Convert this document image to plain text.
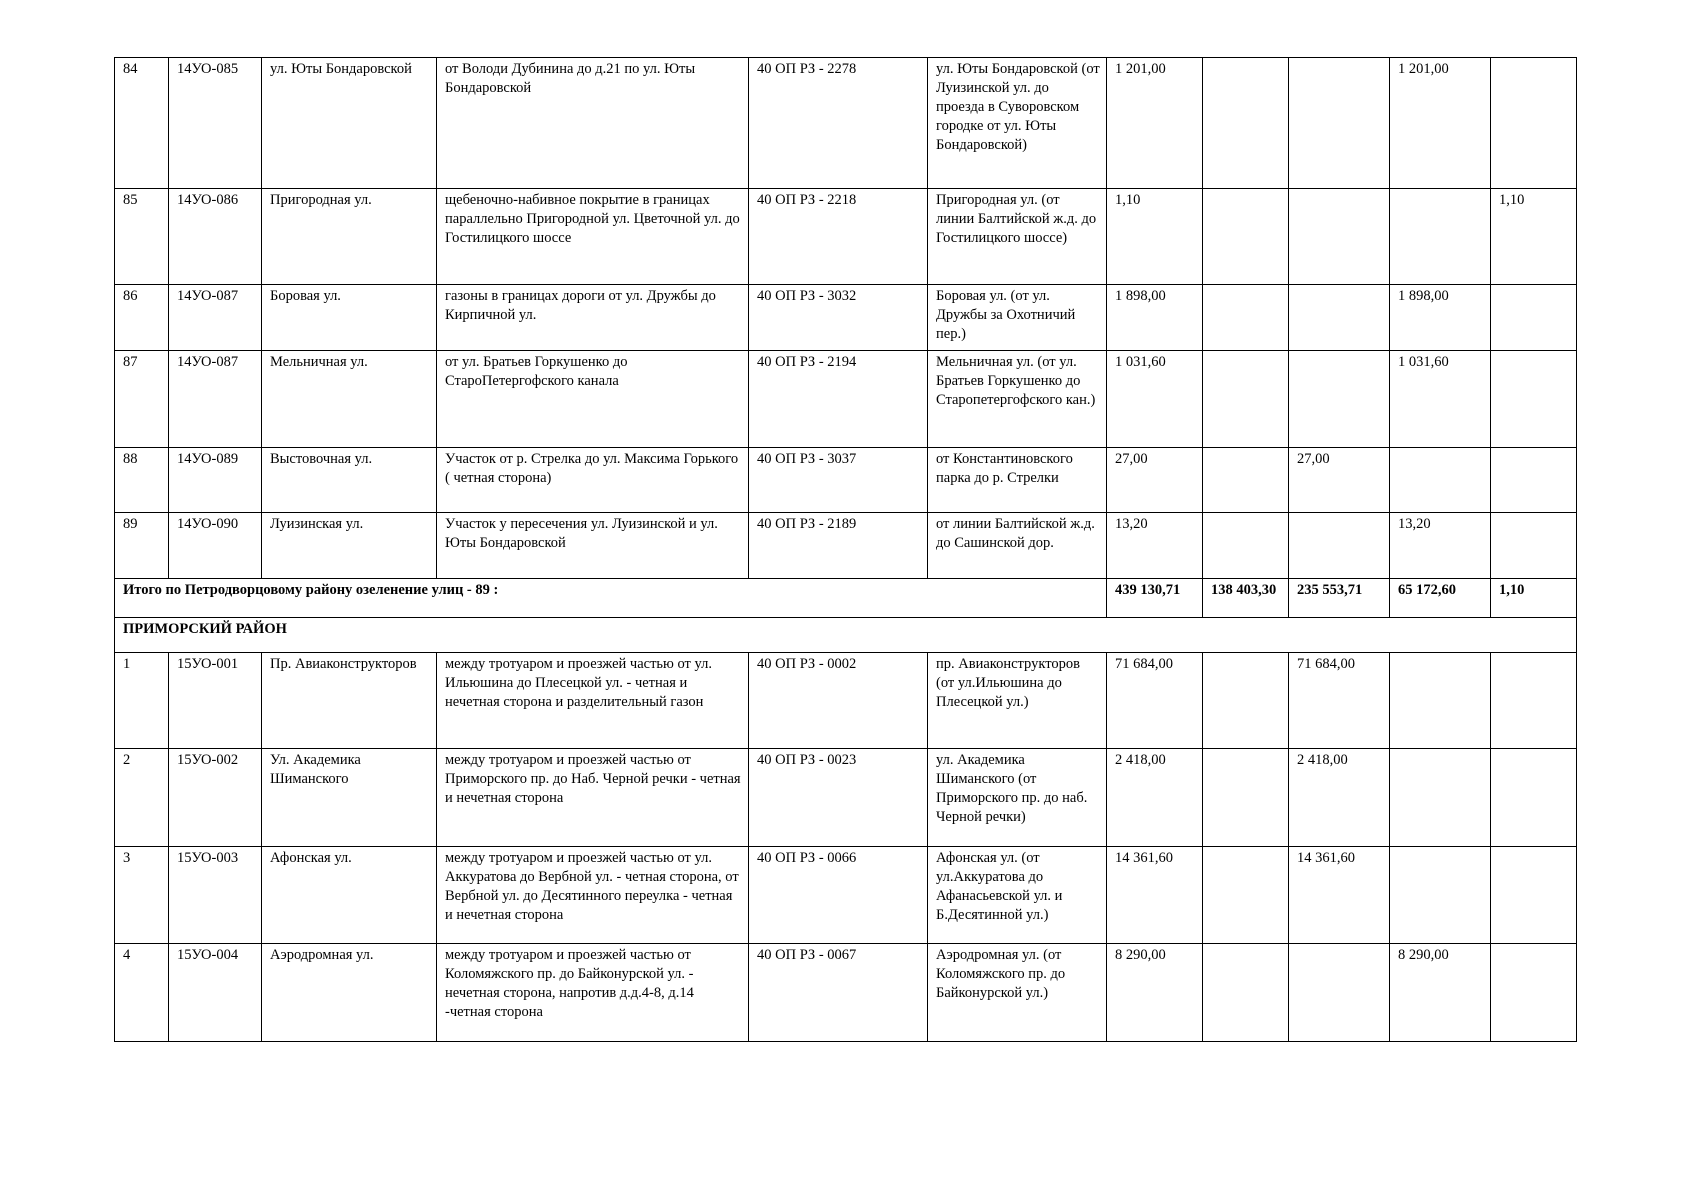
84	14УО-085	ул. Юты Бондаровской	от Володи Дубинина до д.21 по ул. Юты Бондаровской	40 ОП РЗ - 2278	ул. Юты Бондаровской (от Луизинской ул. до проезда в Суворовском городке от ул. Юты Бондаровской)	1 201,00			1 201,00	
85	14УО-086	Пригородная ул.	щебеночно-набивное покрытие в границах параллельно Пригородной ул. Цветочной ул. до Гостилицкого шоссе	40 ОП РЗ - 2218	Пригородная ул. (от линии Балтийской ж.д. до Гостилицкого шоссе)	1,10				1,10
86	14УО-087	Боровая ул.	газоны в границах дороги от ул. Дружбы до Кирпичной ул.	40 ОП РЗ - 3032	Боровая ул. (от ул. Дружбы за Охотничий пер.)	1 898,00			1 898,00	
87	14УО-087	Мельничная ул.	от ул. Братьев Горкушенко до СтароПетергофского канала	40 ОП РЗ - 2194	Мельничная ул. (от ул. Братьев Горкушенко до Старопетергофского кан.)	1 031,60			1 031,60	
88	14УО-089	Выстовочная ул.	Участок от р. Стрелка до ул. Максима Горького ( четная сторона)	40 ОП РЗ - 3037	от Константиновского парка до р. Стрелки	27,00		27,00		
89	14УО-090	Луизинская ул.	Участок у пересечения ул. Луизинской и ул. Юты Бондаровской	40 ОП РЗ - 2189	от линии Балтийской ж.д. до Сашинской дор.	13,20			13,20	
Итого по Петродворцовому району озеленение улиц - 89 :						439 130,71	138 403,30	235 553,71	65 172,60	1,10
ПРИМОРСКИЙ РАЙОН										
1	15УО-001	Пр. Авиаконструкторов	между тротуаром и проезжей частью от ул. Ильюшина до Плесецкой ул. - четная и нечетная сторона и разделительный газон	40 ОП РЗ - 0002	пр. Авиаконструкторов (от ул.Ильюшина до Плесецкой ул.)	71 684,00		71 684,00		
2	15УО-002	Ул. Академика Шиманского	между тротуаром и проезжей частью от Приморского пр. до Наб. Черной речки - четная и нечетная сторона	40 ОП РЗ - 0023	ул. Академика Шиманского (от Приморского пр. до наб. Черной речки)	2 418,00		2 418,00		
3	15УО-003	Афонская ул.	между тротуаром и проезжей частью от ул. Аккуратова до Вербной ул. - четная сторона, от Вербной ул. до Десятинного переулка - четная и нечетная сторона	40 ОП РЗ - 0066	Афонская ул. (от ул.Аккуратова до Афанасьевской ул. и Б.Десятинной ул.)	14 361,60		14 361,60		
4	15УО-004	Аэродромная ул.	между тротуаром и проезжей частью от Коломяжского пр. до Байконурской ул. - нечетная сторона, напротив д.д.4-8, д.14 -четная сторона	40 ОП РЗ - 0067	Аэродромная ул. (от Коломяжского пр. до Байконурской ул.)	8 290,00			8 290,00	
